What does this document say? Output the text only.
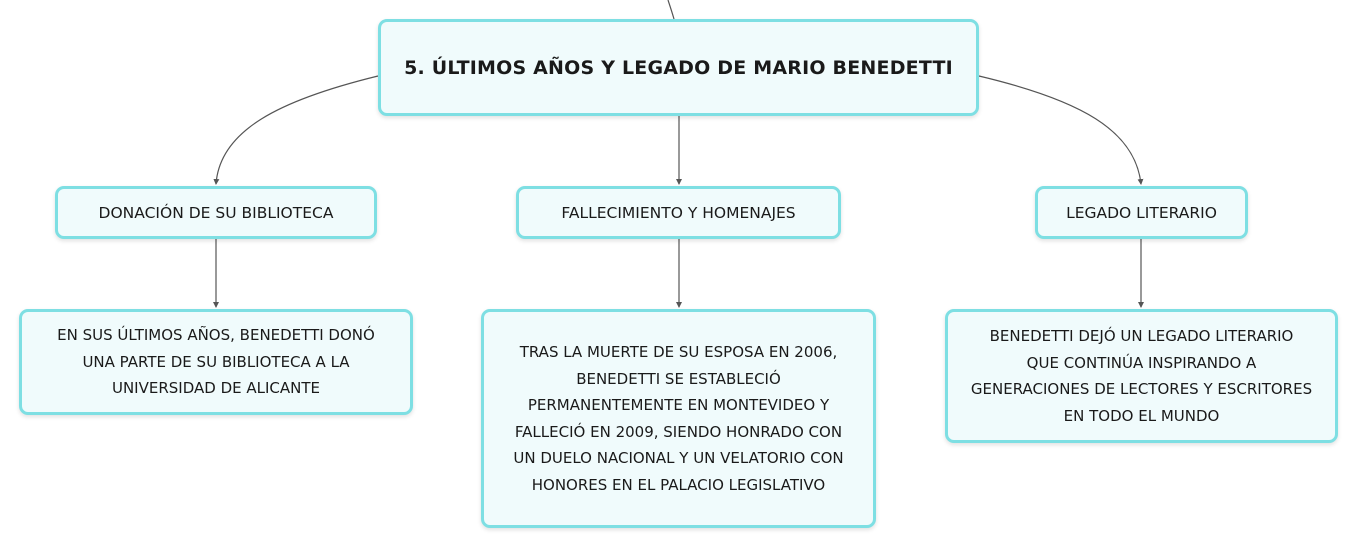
5. ÚLTIMOS AÑOS Y LEGADO DE MARIO BENEDETTI
DONACIÓN DE SU BIBLIOTECA	FALLECIMIENTO Y HOMENAJES	LEGADO LITERARIO
EN SUS ÚLTIMOS AÑOS, BENEDETTI DONÓ
UNA PARTE DE SU BIBLIOTECA A LA
UNIVERSIDAD DE ALICANTE
TRAS LA MUERTE DE SU ESPOSA EN 2006,
BENEDETTI SE ESTABLECIÓ
PERMANENTEMENTE EN MONTEVIDEO Y
FALLECIÓ EN 2009, SIENDO HONRADO CON
UN DUELO NACIONAL Y UN VELATORIO CON
HONORES EN EL PALACIO LEGISLATIVO
BENEDETTI DEJÓ UN LEGADO LITERARIO
QUE CONTINÚA INSPIRANDO A
GENERACIONES DE LECTORES Y ESCRITORES
EN TODO EL MUNDO
